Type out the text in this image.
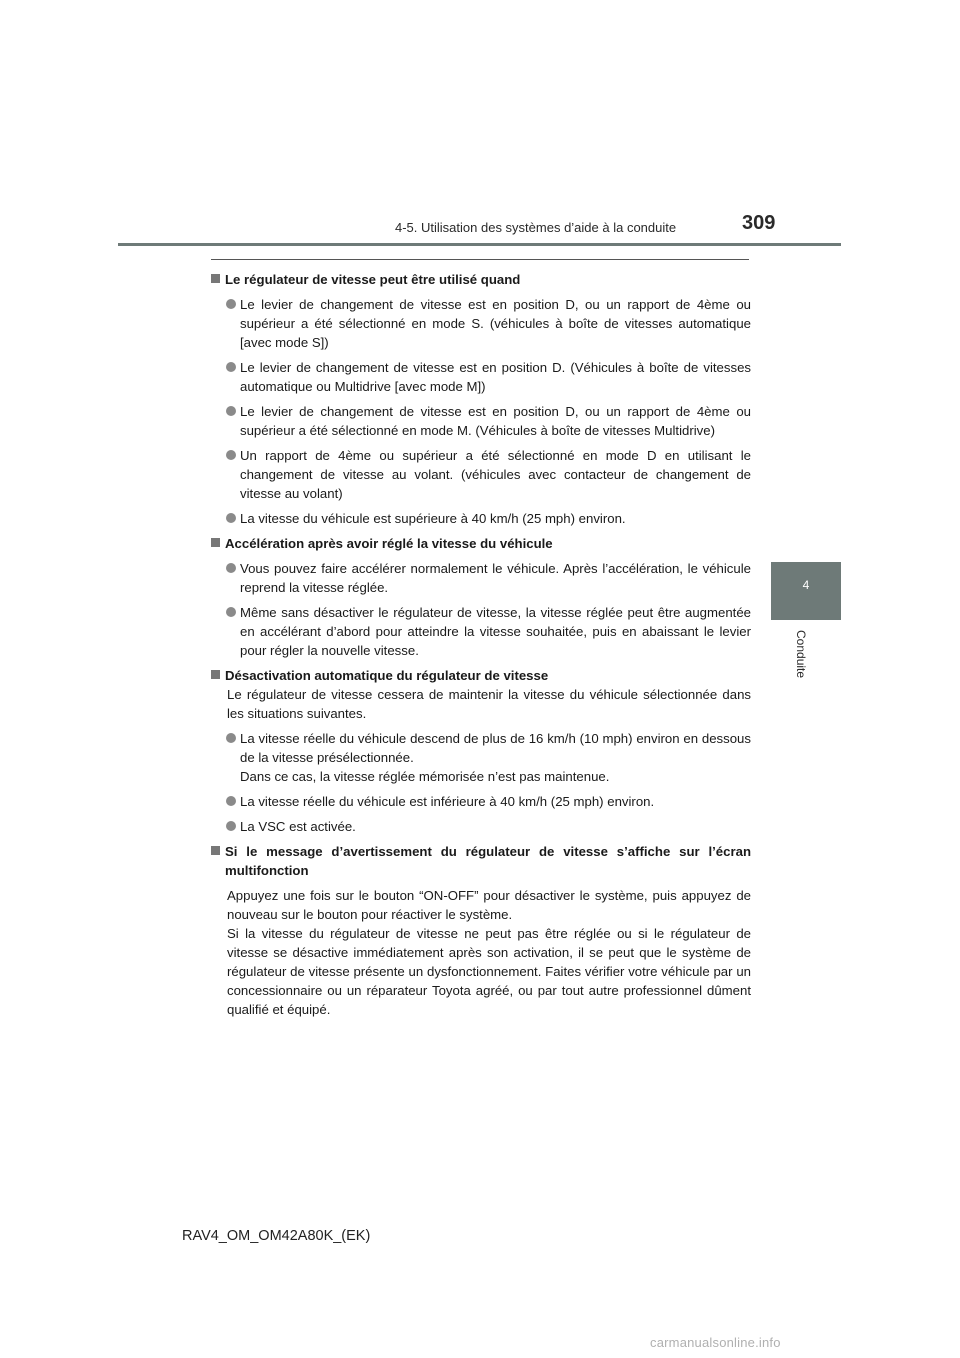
4-5. Utilisation des systèmes d’aide à la conduite	309
4
Conduite
Le régulateur de vitesse peut être utilisé quand
Le levier de changement de vitesse est en position D, ou un rapport de 4ème ou supérieur a été sélectionné en mode S. (véhicules à boîte de vitesses automatique [avec mode S])
Le levier de changement de vitesse est en position D. (Véhicules à boîte de vitesses automatique ou Multidrive [avec mode M])
Le levier de changement de vitesse est en position D, ou un rapport de 4ème ou supérieur a été sélectionné en mode M. (Véhicules à boîte de vitesses Multidrive)
Un rapport de 4ème ou supérieur a été sélectionné en mode D en utilisant le changement de vitesse au volant. (véhicules avec contacteur de changement de vitesse au volant)
La vitesse du véhicule est supérieure à 40 km/h (25 mph) environ.
Accélération après avoir réglé la vitesse du véhicule
Vous pouvez faire accélérer normalement le véhicule. Après l’accélération, le véhicule reprend la vitesse réglée.
Même sans désactiver le régulateur de vitesse, la vitesse réglée peut être augmentée en accélérant d’abord pour atteindre la vitesse souhaitée, puis en abaissant le levier pour régler la nouvelle vitesse.
Désactivation automatique du régulateur de vitesse
Le régulateur de vitesse cessera de maintenir la vitesse du véhicule sélectionnée dans les situations suivantes.
La vitesse réelle du véhicule descend de plus de 16 km/h (10 mph) environ en dessous de la vitesse présélectionnée.
Dans ce cas, la vitesse réglée mémorisée n’est pas maintenue.
La vitesse réelle du véhicule est inférieure à 40 km/h (25 mph) environ.
La VSC est activée.
Si le message d’avertissement du régulateur de vitesse s’affiche sur l’écran multifonction
Appuyez une fois sur le bouton “ON-OFF” pour désactiver le système, puis appuyez de nouveau sur le bouton pour réactiver le système.
Si la vitesse du régulateur de vitesse ne peut pas être réglée ou si le régulateur de vitesse se désactive immédiatement après son activation, il se peut que le système de régulateur de vitesse présente un dysfonctionnement. Faites vérifier votre véhicule par un concessionnaire ou un réparateur Toyota agréé, ou par tout autre professionnel dûment qualifié et équipé.
RAV4_OM_OM42A80K_(EK)
carmanualsonline.info
